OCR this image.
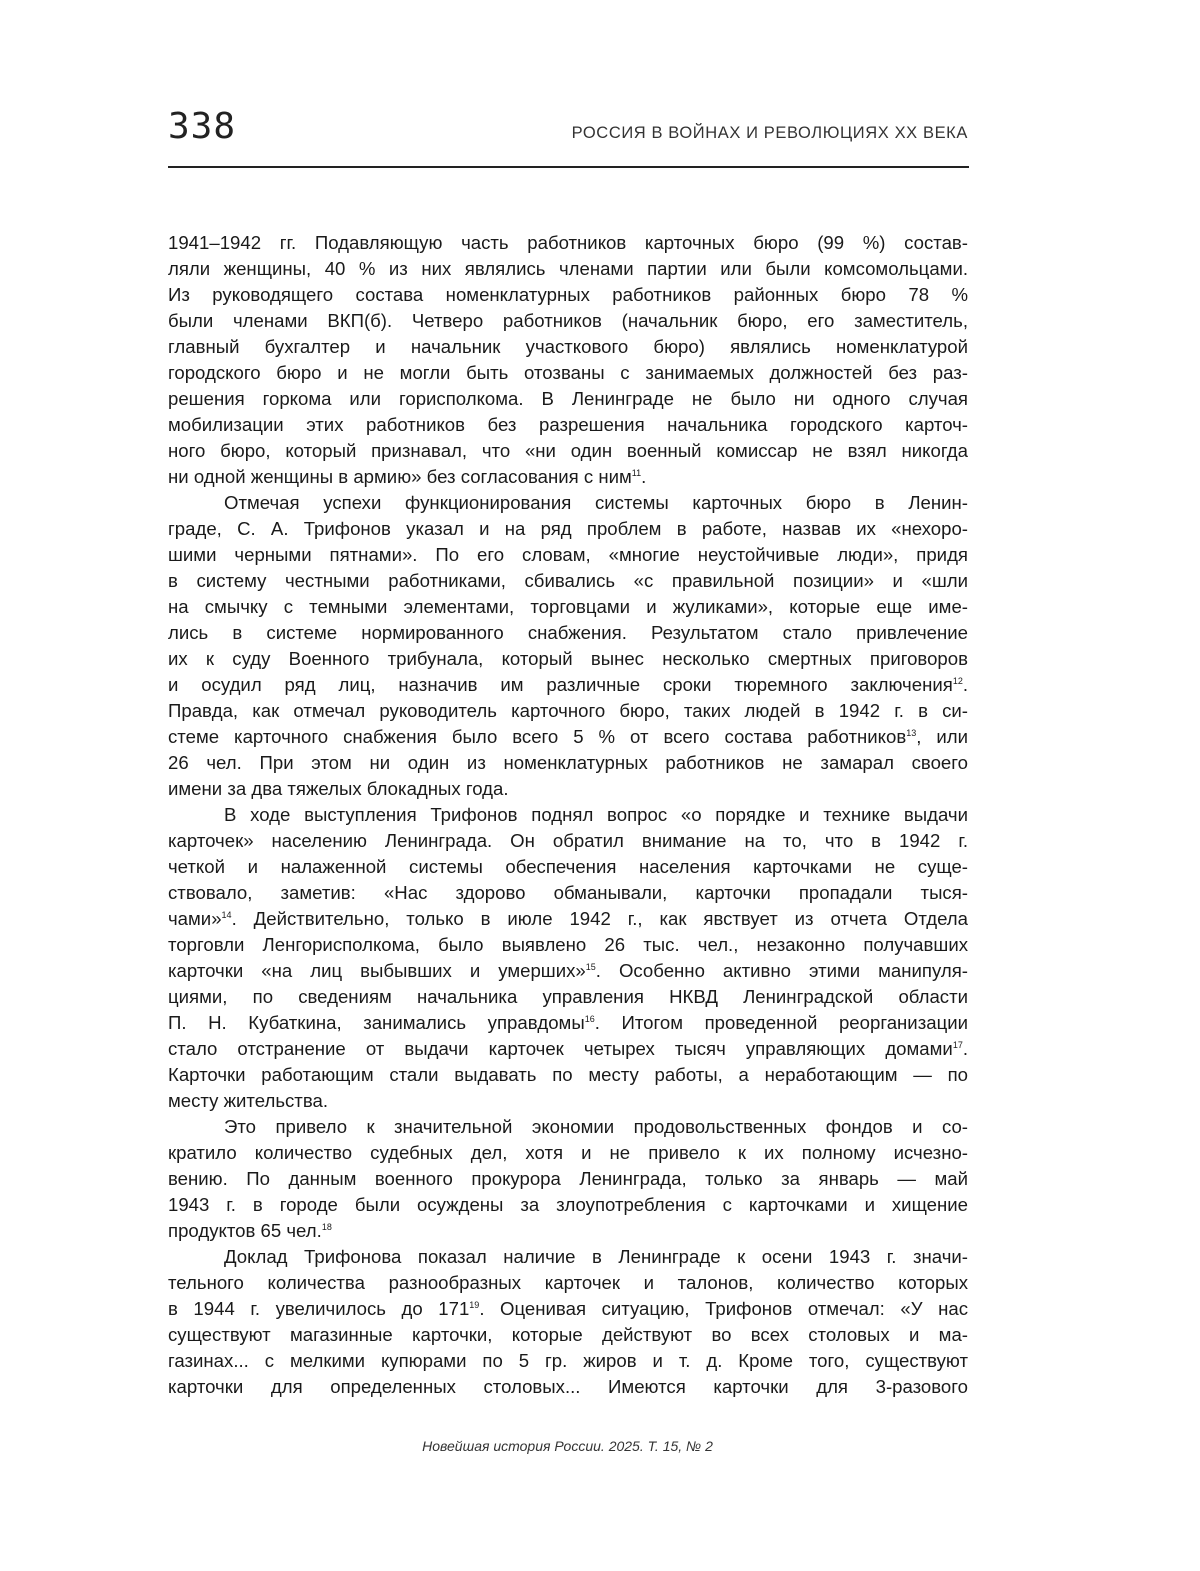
338	РОССИЯ В ВОЙНАХ И РЕВОЛЮЦИЯХ XX ВЕКА
1941–1942 гг. Подавляющую часть работников карточных бюро (99 %) состав-
ляли женщины, 40 % из них являлись членами партии или были комсомольцами.
Из руководящего состава номенклатурных работников районных бюро 78 %
были членами ВКП(б). Четверо работников (начальник бюро, его заместитель,
главный бухгалтер и начальник участкового бюро) являлись номенклатурой
городского бюро и не могли быть отозваны с занимаемых должностей без раз-
решения горкома или горисполкома. В Ленинграде не было ни одного случая
мобилизации этих работников без разрешения начальника городского карточ-
ного бюро, который признавал, что «ни один военный комиссар не взял никогда
ни одной женщины в армию» без согласования с ним$^{11}$.
Отмечая успехи функционирования системы карточных бюро в Ленин-
граде, С. А. Трифонов указал и на ряд проблем в работе, назвав их «нехоро-
шими черными пятнами». По его словам, «многие неустойчивые люди», придя
в систему честными работниками, сбивались «с правильной позиции» и «шли
на смычку с темными элементами, торговцами и жуликами», которые еще име-
лись в системе нормированного снабжения. Результатом стало привлечение
их к суду Военного трибунала, который вынес несколько смертных приговоров
и осудил ряд лиц, назначив им различные сроки тюремного заключения$^{12}$.
Правда, как отмечал руководитель карточного бюро, таких людей в 1942 г. в си-
стеме карточного снабжения было всего 5 % от всего состава работников$^{13}$, или
26 чел. При этом ни один из номенклатурных работников не замарал своего
имени за два тяжелых блокадных года.
В ходе выступления Трифонов поднял вопрос «о порядке и технике выдачи
карточек» населению Ленинграда. Он обратил внимание на то, что в 1942 г.
четкой и налаженной системы обеспечения населения карточками не суще-
ствовало, заметив: «Нас здорово обманывали, карточки пропадали тыся-
чами»$^{14}$. Действительно, только в июле 1942 г., как явствует из отчета Отдела
торговли Ленгорисполкома, было выявлено 26 тыс. чел., незаконно получавших
карточки «на лиц выбывших и умерших»$^{15}$. Особенно активно этими манипуля-
циями, по сведениям начальника управления НКВД Ленинградской области
П. Н. Кубаткина, занимались управдомы$^{16}$. Итогом проведенной реорганизации
стало отстранение от выдачи карточек четырех тысяч управляющих домами$^{17}$.
Карточки работающим стали выдавать по месту работы, а неработающим — по
месту жительства.
Это привело к значительной экономии продовольственных фондов и со-
кратило количество судебных дел, хотя и не привело к их полному исчезно-
вению. По данным военного прокурора Ленинграда, только за январь — май
1943 г. в городе были осуждены за злоупотребления с карточками и хищение
продуктов 65 чел.$^{18}$
Доклад Трифонова показал наличие в Ленинграде к осени 1943 г. значи-
тельного количества разнообразных карточек и талонов, количество которых
в 1944 г. увеличилось до $171^{19}$. Оценивая ситуацию, Трифонов отмечал: «У нас
существуют магазинные карточки, которые действуют во всех столовых и ма-
газинах... с мелкими купюрами по 5 гр. жиров и т. д. Кроме того, существуют
карточки для определенных столовых... Имеются карточки для 3-разового
Новейшая история России. 2025. Т. 15, № 2
